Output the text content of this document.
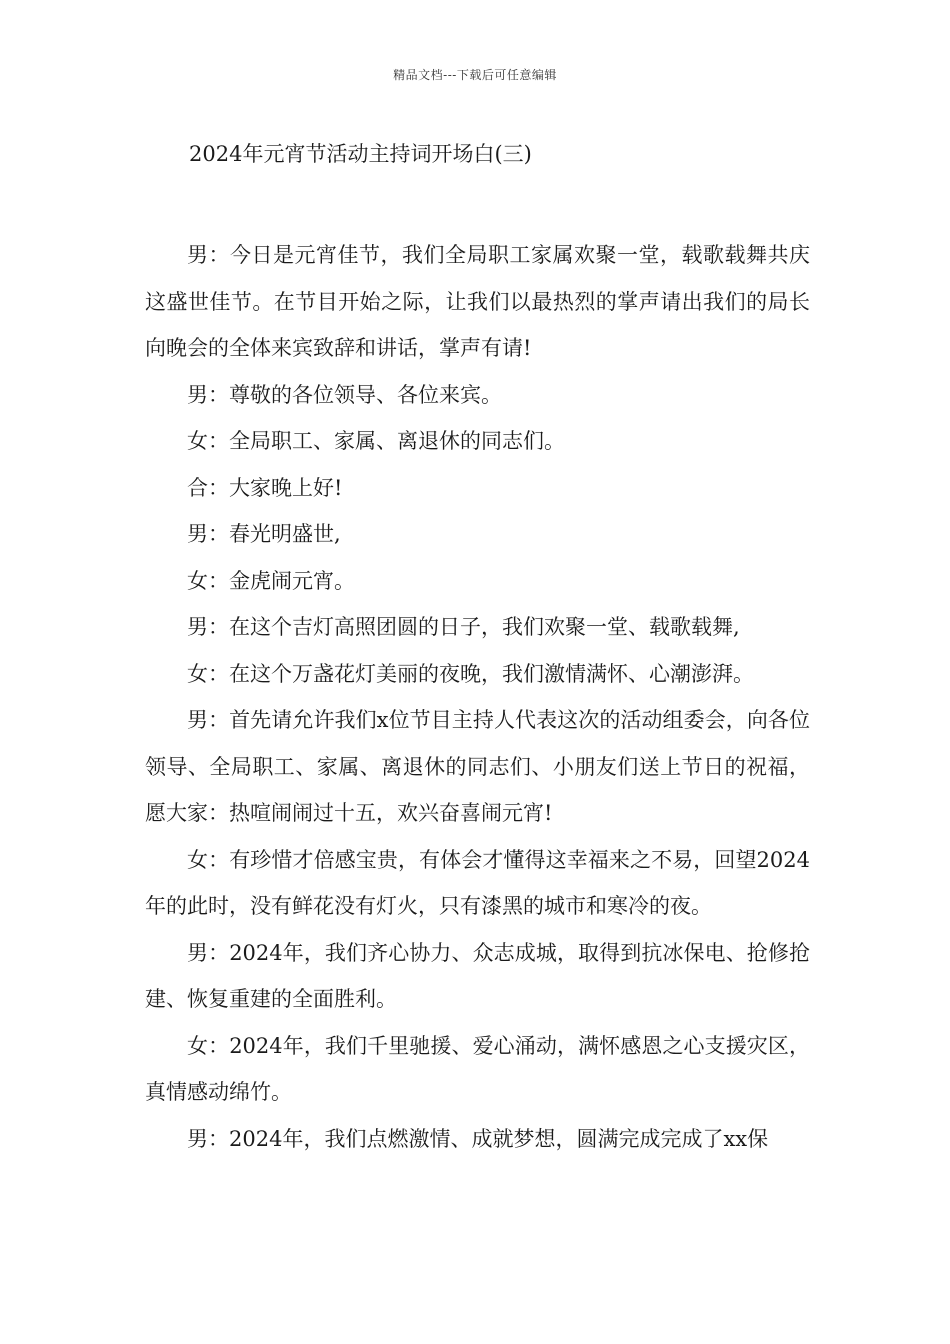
精品文档---下载后可任意编辑
2024年元宵节活动主持词开场白(三)

男：今日是元宵佳节，我们全局职工家属欢聚一堂，载歌载舞共庆这盛世佳节。在节目开始之际，让我们以最热烈的掌声请出我们的局长向晚会的全体来宾致辞和讲话，掌声有请!

男：尊敬的各位领导、各位来宾。

女：全局职工、家属、离退休的同志们。

合：大家晚上好!

男：春光明盛世,

女：金虎闹元宵。

男：在这个吉灯高照团圆的日子，我们欢聚一堂、载歌载舞,

女：在这个万盏花灯美丽的夜晚，我们激情满怀、心潮澎湃。

男：首先请允许我们x位节目主持人代表这次的活动组委会，向各位领导、全局职工、家属、离退休的同志们、小朋友们送上节日的祝福，愿大家：热喧闹闹过十五，欢兴奋喜闹元宵!

女：有珍惜才倍感宝贵，有体会才懂得这幸福来之不易，回望2024年的此时，没有鲜花没有灯火，只有漆黑的城市和寒冷的夜。

男：2024年，我们齐心协力、众志成城，取得到抗冰保电、抢修抢建、恢复重建的全面胜利。

女：2024年，我们千里驰援、爱心涌动，满怀感恩之心支援灾区，真情感动绵竹。

男：2024年，我们点燃激情、成就梦想，圆满完成完成了xx保
